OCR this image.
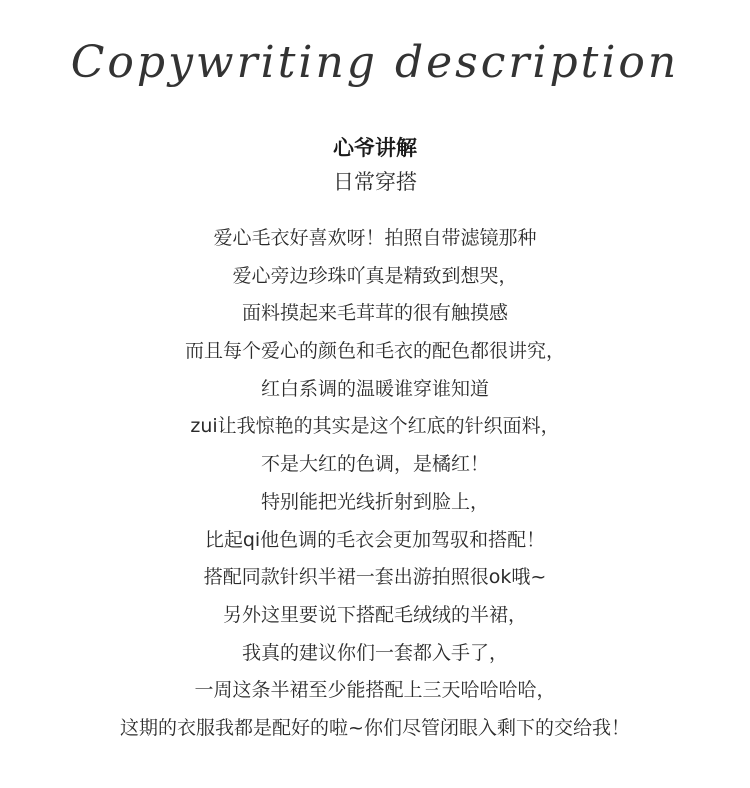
Copywriting description
心爷讲解
日常穿搭
爱心毛衣好喜欢呀！拍照自带滤镜那种
爱心旁边珍珠吖真是精致到想哭，
面料摸起来毛茸茸的很有触摸感
而且每个爱心的颜色和毛衣的配色都很讲究，
红白系调的温暖谁穿谁知道
zui让我惊艳的其实是这个红底的针织面料，
不是大红的色调，是橘红！
特别能把光线折射到脸上，
比起qi他色调的毛衣会更加驾驭和搭配！
搭配同款针织半裙一套出游拍照很ok哦~
另外这里要说下搭配毛绒绒的半裙，
我真的建议你们一套都入手了，
一周这条半裙至少能搭配上三天哈哈哈哈，
这期的衣服我都是配好的啦~你们尽管闭眼入剩下的交给我！
